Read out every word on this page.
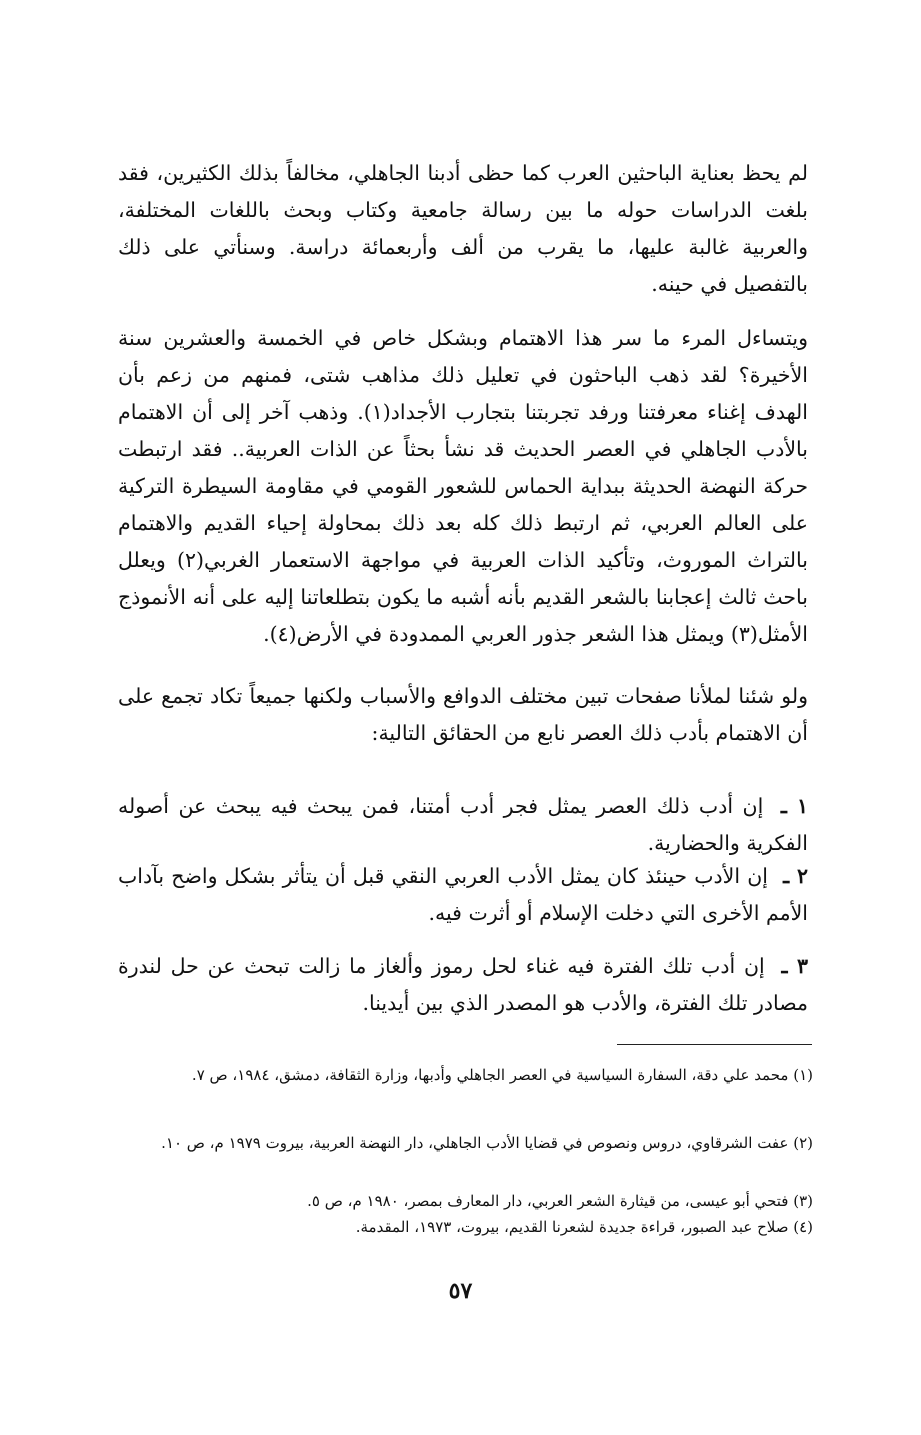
لم يحظ بعناية الباحثين العرب كما حظى أدبنا الجاهلي، مخالفاً بذلك الكثيرين، فقد بلغت الدراسات حوله ما بين رسالة جامعية وكتاب وبحث باللغات المختلفة، والعربية غالبة عليها، ما يقرب من ألف وأربعمائة دراسة. وسنأتي على ذلك بالتفصيل في حينه.

ويتساءل المرء ما سر هذا الاهتمام وبشكل خاص في الخمسة والعشرين سنة الأخيرة؟ لقد ذهب الباحثون في تعليل ذلك مذاهب شتى، فمنهم من زعم بأن الهدف إغناء معرفتنا ورفد تجربتنا بتجارب الأجداد(١). وذهب آخر إلى أن الاهتمام بالأدب الجاهلي في العصر الحديث قد نشأ بحثاً عن الذات العربية.. فقد ارتبطت حركة النهضة الحديثة ببداية الحماس للشعور القومي في مقاومة السيطرة التركية على العالم العربي، ثم ارتبط ذلك كله بعد ذلك بمحاولة إحياء القديم والاهتمام بالتراث الموروث، وتأكيد الذات العربية في مواجهة الاستعمار الغربي(٢) ويعلل باحث ثالث إعجابنا بالشعر القديم بأنه أشبه ما يكون بتطلعاتنا إليه على أنه الأنموذج الأمثل(٣) ويمثل هذا الشعر جذور العربي الممدودة في الأرض(٤).

ولو شئنا لملأنا صفحات تبين مختلف الدوافع والأسباب ولكنها جميعاً تكاد تجمع على أن الاهتمام بأدب ذلك العصر نابع من الحقائق التالية:

١ ـ إن أدب ذلك العصر يمثل فجر أدب أمتنا، فمن يبحث فيه يبحث عن أصوله الفكرية والحضارية.
٢ ـ إن الأدب حينئذ كان يمثل الأدب العربي النقي قبل أن يتأثر بشكل واضح بآداب الأمم الأخرى التي دخلت الإسلام أو أثرت فيه.
٣ ـ إن أدب تلك الفترة فيه غناء لحل رموز وألغاز ما زالت تبحث عن حل لندرة مصادر تلك الفترة، والأدب هو المصدر الذي بين أيدينا.
(١) محمد علي دقة، السفارة السياسية في العصر الجاهلي وأدبها، وزارة الثقافة، دمشق، ١٩٨٤، ص ٧.
(٢) عفت الشرقاوي، دروس ونصوص في قضايا الأدب الجاهلي، دار النهضة العربية، بيروت ١٩٧٩ م، ص ١٠.
(٣) فتحي أبو عيسى، من قيثارة الشعر العربي، دار المعارف بمصر، ١٩٨٠ م، ص ٥.
(٤) صلاح عبد الصبور، قراءة جديدة لشعرنا القديم، بيروت، ١٩٧٣، المقدمة.
٥٧
